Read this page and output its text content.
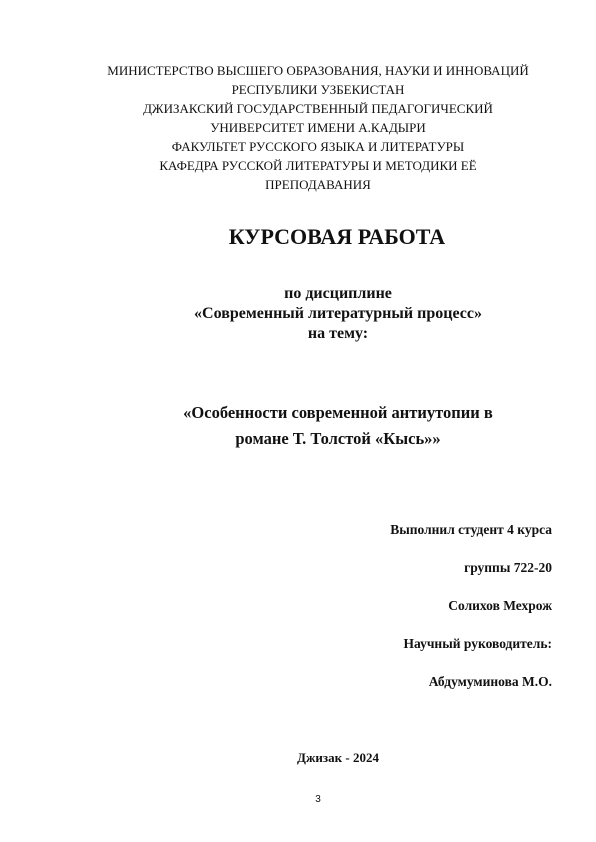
МИНИСТЕРСТВО ВЫСШЕГО ОБРАЗОВАНИЯ, НАУКИ И ИННОВАЦИЙ
РЕСПУБЛИКИ УЗБЕКИСТАН
ДЖИЗАКСКИЙ ГОСУДАРСТВЕННЫЙ ПЕДАГОГИЧЕСКИЙ
УНИВЕРСИТЕТ ИМЕНИ А.КАДЫРИ
ФАКУЛЬТЕТ РУССКОГО ЯЗЫКА И ЛИТЕРАТУРЫ
КАФЕДРА РУССКОЙ ЛИТЕРАТУРЫ И МЕТОДИКИ ЕЁ
ПРЕПОДАВАНИЯ
КУРСОВАЯ РАБОТА
по дисциплине
«Современный литературный процесс»
на тему:
«Особенности современной антиутопии в
романе Т. Толстой «Кысь»»
Выполнил студент 4 курса
группы 722-20
Солихов Мехрож
Научный руководитель:
Абдумуминова М.О.
Джизак - 2024
3
